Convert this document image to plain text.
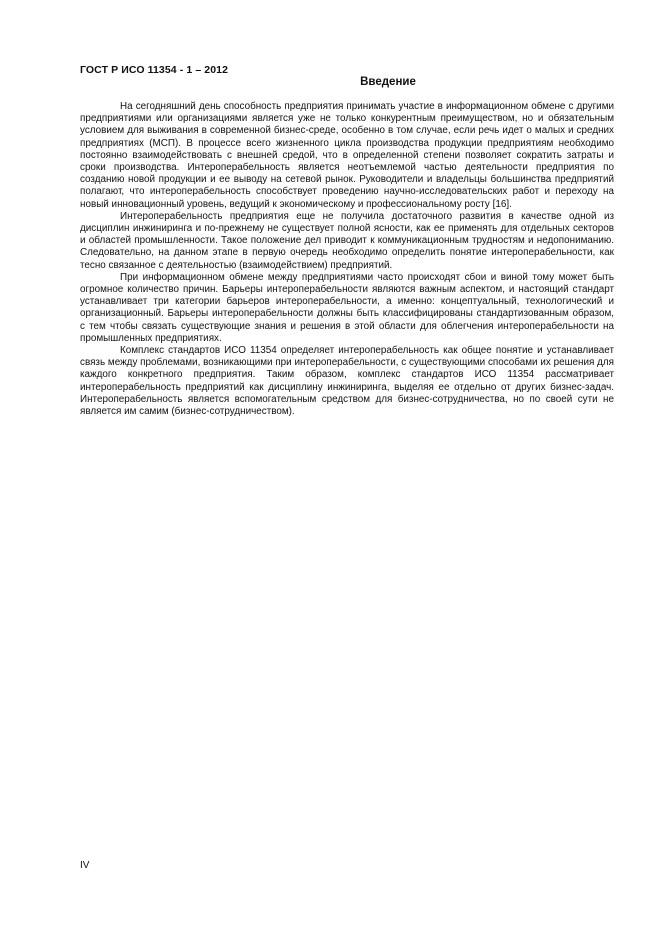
ГОСТ Р ИСО 11354 - 1 – 2012
Введение

На сегодняшний день способность предприятия принимать участие в информационном обмене с другими предприятиями или организациями является уже не только конкурентным преимуществом, но и обязательным условием для выживания в современной бизнес-среде, особенно в том случае, если речь идет о малых и средних предприятиях (МСП). В процессе всего жизненного цикла производства продукции предприятиям необходимо постоянно взаимодействовать с внешней средой, что в определенной степени позволяет сократить затраты и сроки производства. Интероперабельность является неотъемлемой частью деятельности предприятия по созданию новой продукции и ее выводу на сетевой рынок. Руководители и владельцы большинства предприятий полагают, что интероперабельность способствует проведению научно-исследовательских работ и переходу на новый инновационный уровень, ведущий к экономическому и профессиональному росту [16].

Интероперабельность предприятия еще не получила достаточного развития в качестве одной из дисциплин инжиниринга и по-прежнему не существует полной ясности, как ее применять для отдельных секторов и областей промышленности. Такое положение дел приводит к коммуникационным трудностям и недопониманию. Следовательно, на данном этапе в первую очередь необходимо определить понятие интероперабельности, как тесно связанное с деятельностью (взаимодействием) предприятий.

При информационном обмене между предприятиями часто происходят сбои и виной тому может быть огромное количество причин. Барьеры интероперабельности являются важным аспектом, и настоящий стандарт устанавливает три категории барьеров интероперабельности, а именно: концептуальный, технологический и организационный. Барьеры интероперабельности должны быть классифицированы стандартизованным образом, с тем чтобы связать существующие знания и решения в этой области для облегчения интероперабельности на промышленных предприятиях.

Комплекс стандартов ИСО 11354 определяет интероперабельность как общее понятие и устанавливает связь между проблемами, возникающими при интероперабельности, с существующими способами их решения для каждого конкретного предприятия. Таким образом, комплекс стандартов ИСО 11354 рассматривает интероперабельность предприятий как дисциплину инжиниринга, выделяя ее отдельно от других бизнес-задач. Интероперабельность является вспомогательным средством для бизнес-сотрудничества, но по своей сути не является им самим (бизнес-сотрудничеством).

IV
